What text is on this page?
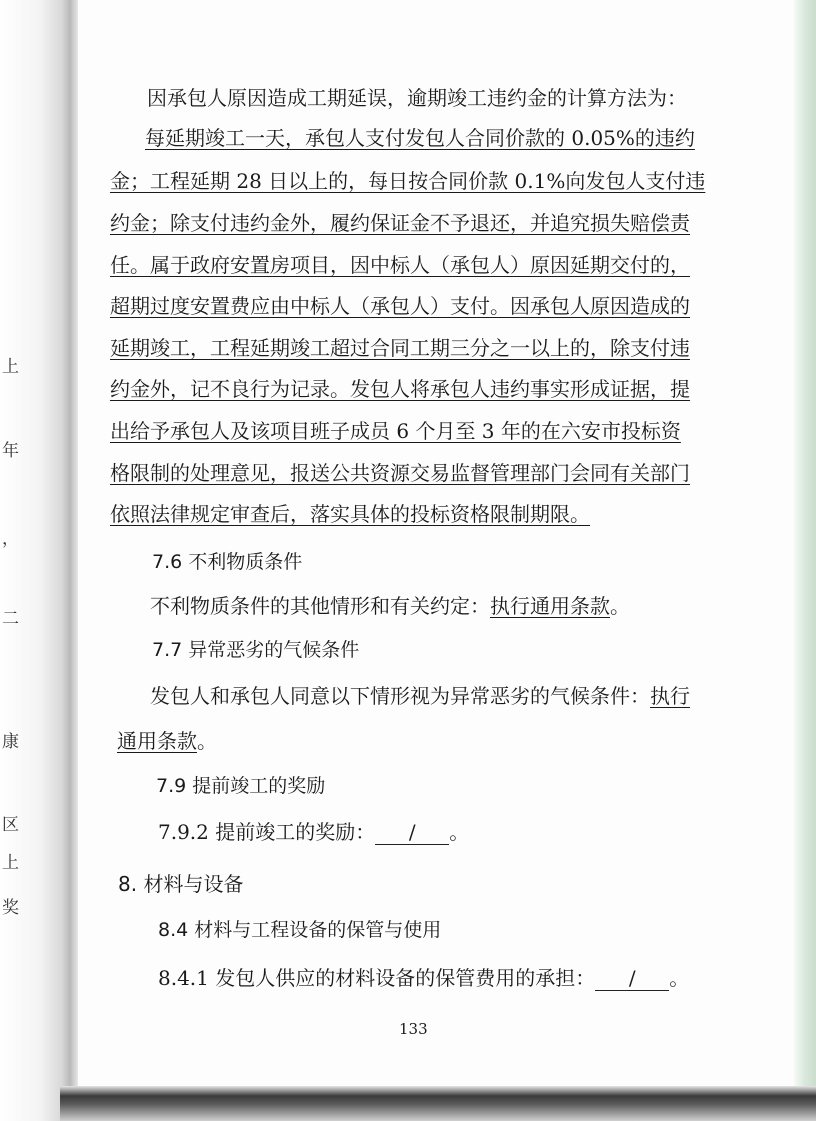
上
年
，
二
康
区
上
奖
因承包人原因造成工期延误，逾期竣工违约金的计算方法为：
每延期竣工一天，承包人支付发包人合同价款的 0.05%的违约
金；工程延期 28 日以上的，每日按合同价款 0.1%向发包人支付违
约金；除支付违约金外，履约保证金不予退还，并追究损失赔偿责
任。属于政府安置房项目，因中标人（承包人）原因延期交付的，
超期过度安置费应由中标人（承包人）支付。因承包人原因造成的
延期竣工，工程延期竣工超过合同工期三分之一以上的，除支付违
约金外，记不良行为记录。发包人将承包人违约事实形成证据，提
出给予承包人及该项目班子成员 6 个月至 3 年的在六安市投标资
格限制的处理意见，报送公共资源交易监督管理部门会同有关部门
依照法律规定审查后，落实具体的投标资格限制期限。
7.6 不利物质条件
不利物质条件的其他情形和有关约定：执行通用条款。
7.7 异常恶劣的气候条件
发包人和承包人同意以下情形视为异常恶劣的气候条件：执行
通用条款。
7.9 提前竣工的奖励
7.9.2 提前竣工的奖励： / 。
8. 材料与设备
8.4 材料与工程设备的保管与使用
8.4.1 发包人供应的材料设备的保管费用的承担： / 。
133
